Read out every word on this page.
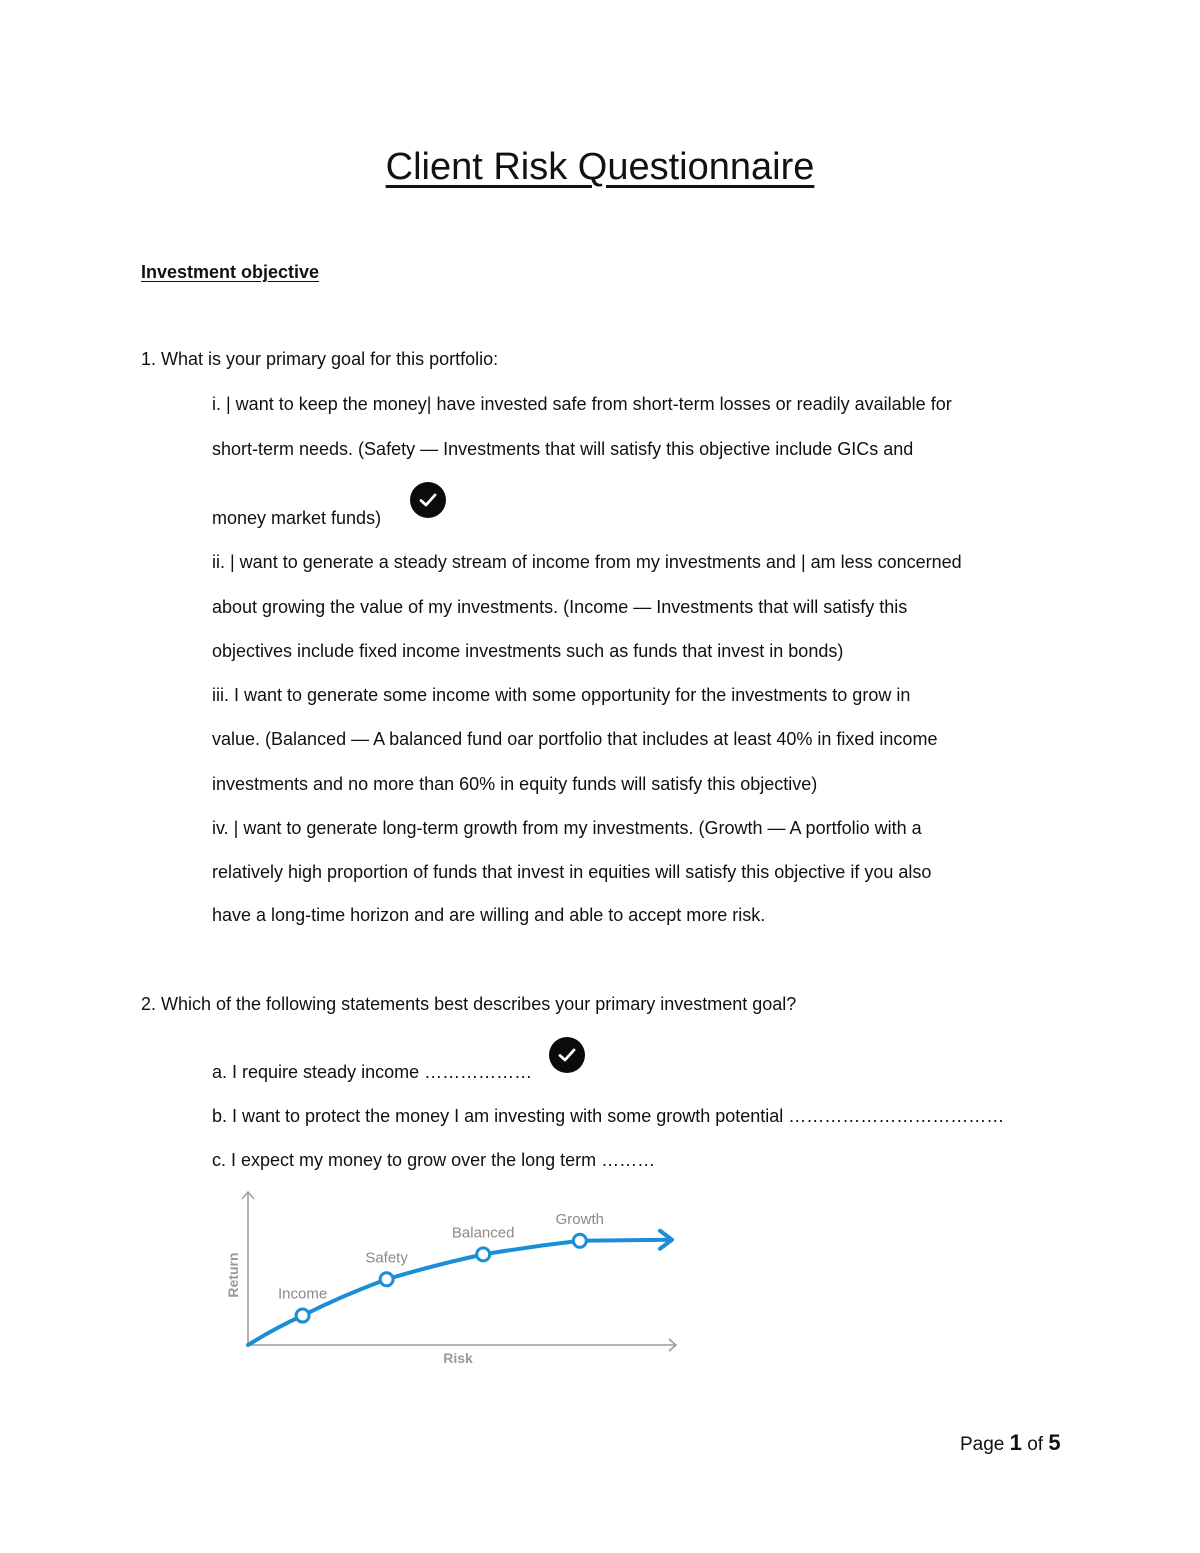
Client Risk Questionnaire
Investment objective
1. What is your primary goal for this portfolio:
i. | want to keep the money| have invested safe from short-term losses or readily available for
short-term needs. (Safety — Investments that will satisfy this objective include GICs and
money market funds)
ii. | want to generate a steady stream of income from my investments and | am less concerned
about growing the value of my investments. (Income — Investments that will satisfy this
objectives include fixed income investments such as funds that invest in bonds)
iii. I want to generate some income with some opportunity for the investments to grow in
value. (Balanced — A balanced fund oar portfolio that includes at least 40% in fixed income
investments and no more than 60% in equity funds will satisfy this objective)
iv. | want to generate long-term growth from my investments. (Growth — A portfolio with a
relatively high proportion of funds that invest in equities will satisfy this objective if you also
have a long-time horizon and are willing and able to accept more risk.
2. Which of the following statements best describes your primary investment goal?
a. I require steady income ………………
b. I want to protect the money I am investing with some growth potential ………………………………
c. I expect my money to grow over the long term ………
Income
Safety
Balanced
Growth
Risk
Return
Page 1 of 5
